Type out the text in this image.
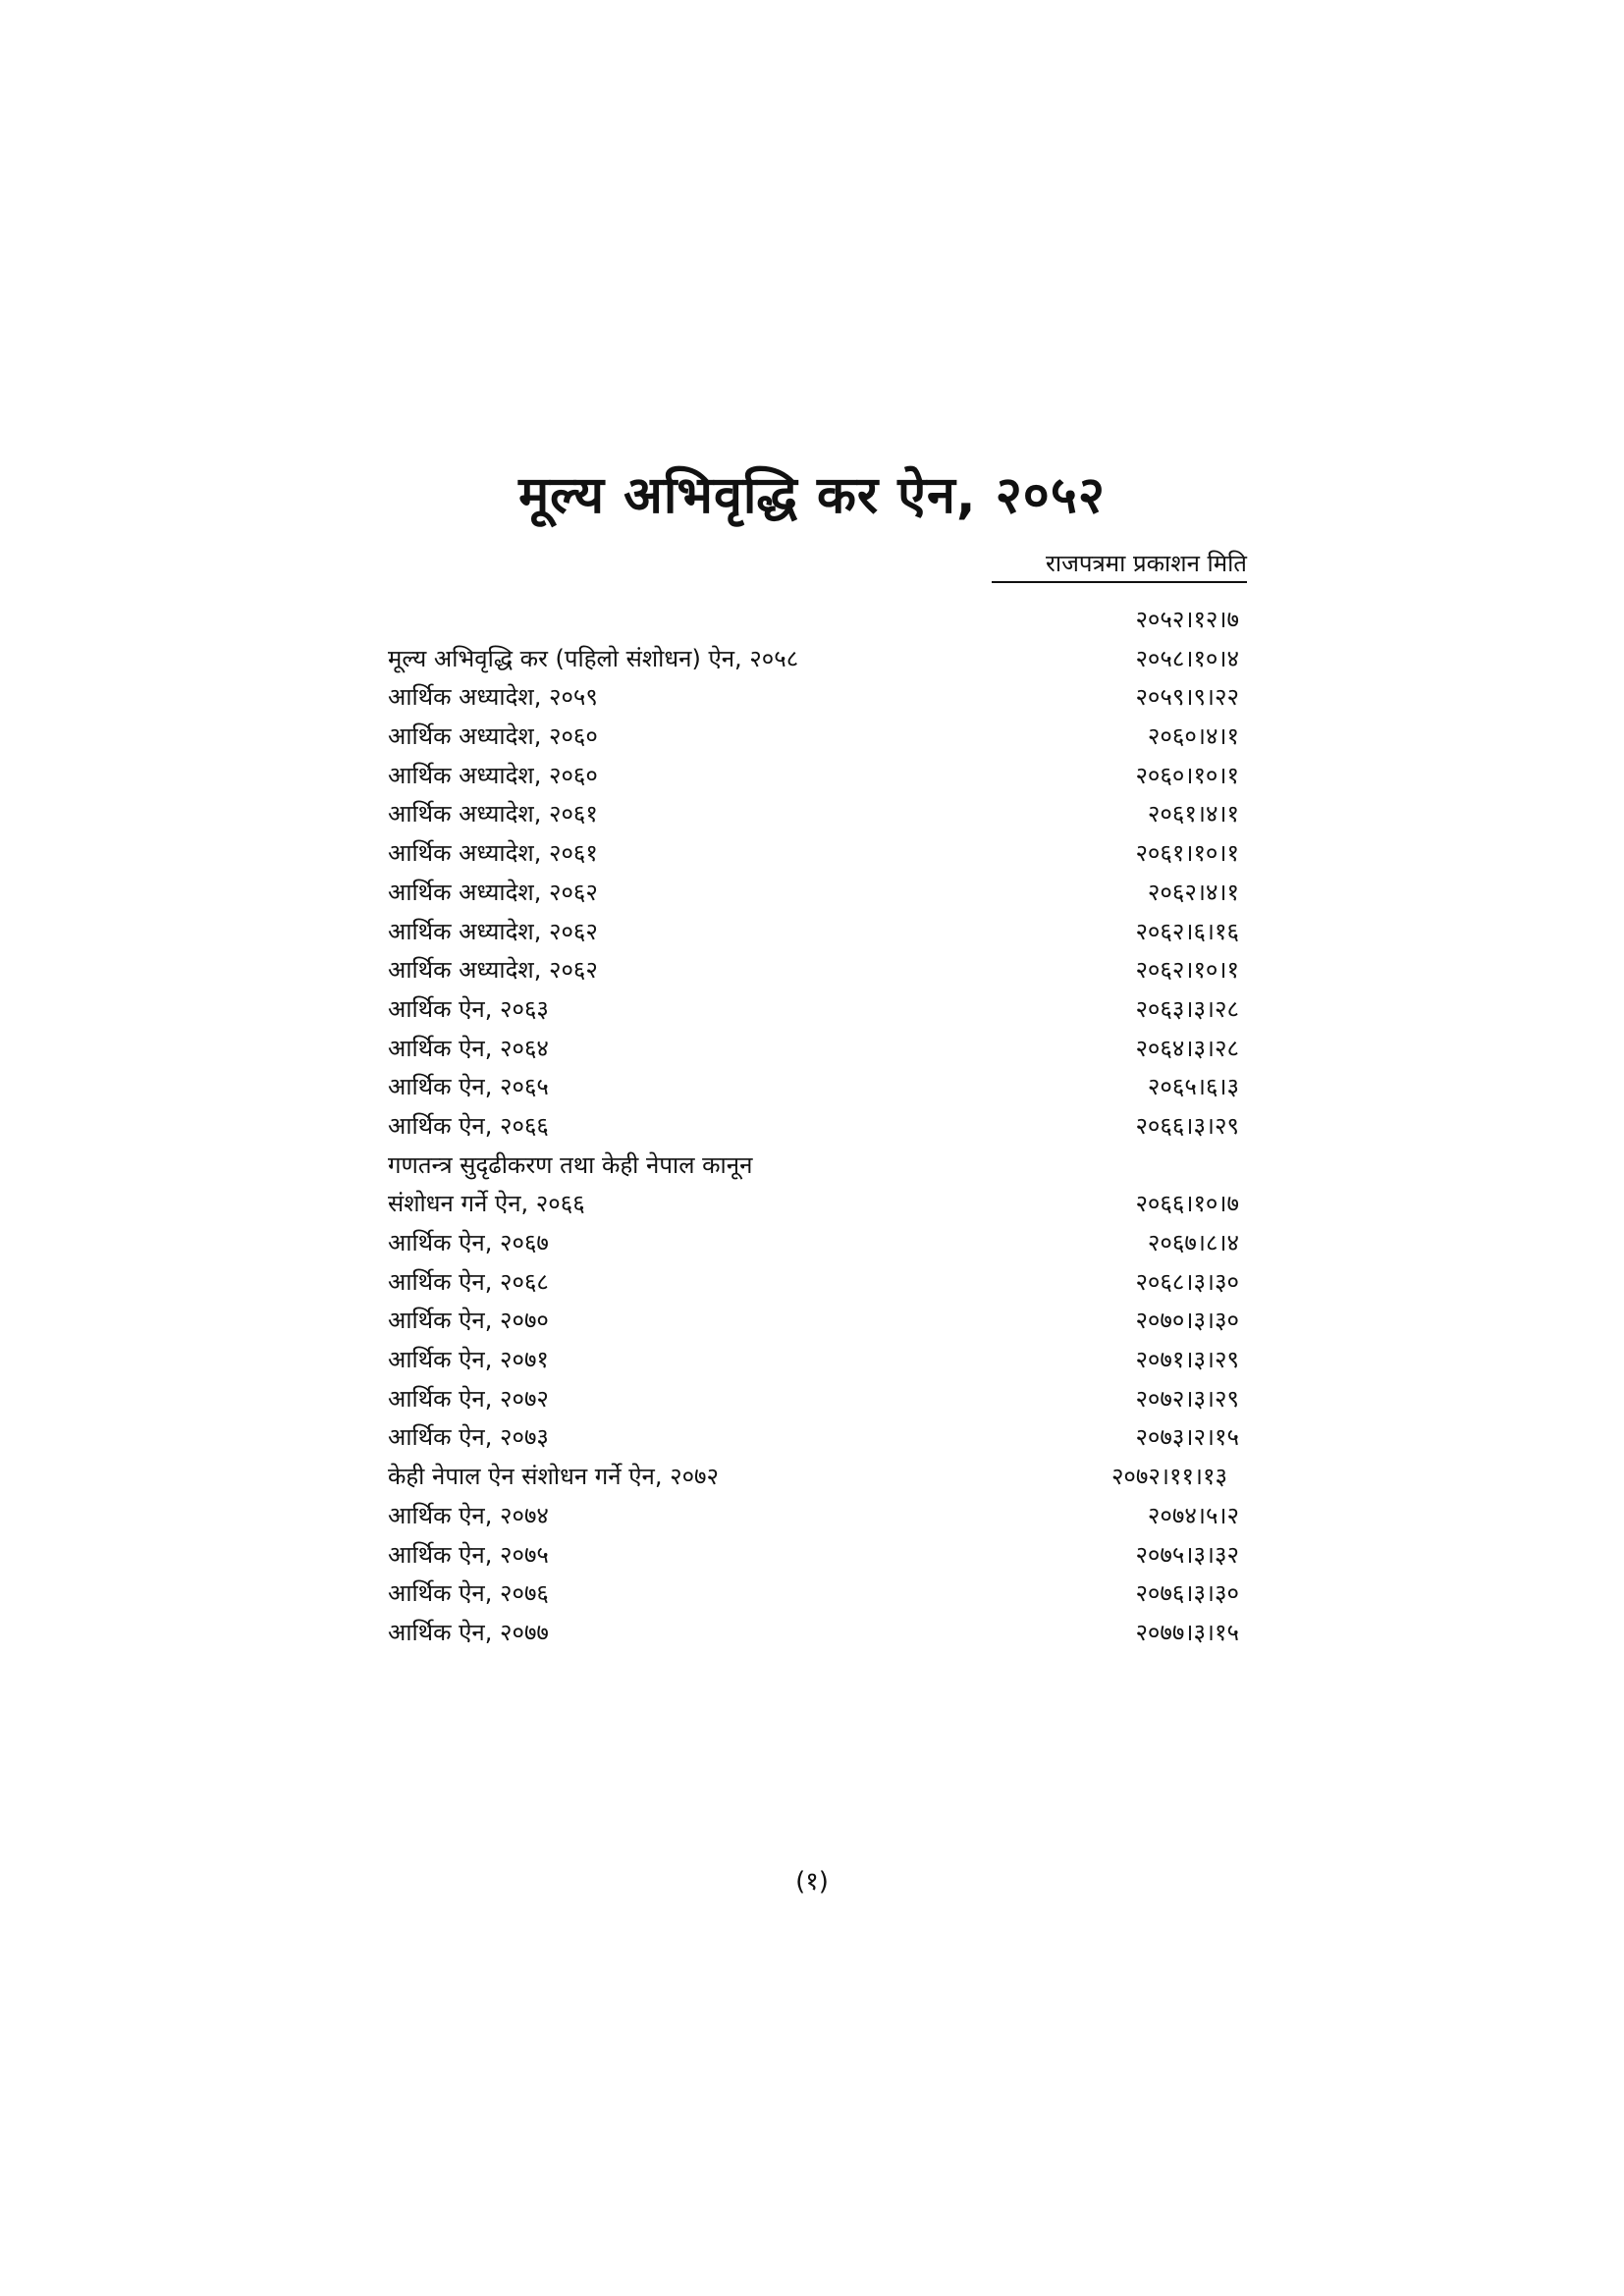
मूल्य अभिवृद्धि कर ऐन, २०५२
राजपत्रमा प्रकाशन मिति
२०५२।१२।७
मूल्य अभिवृद्धि कर (पहिलो संशोधन) ऐन, २०५८	२०५८।१०।४
आर्थिक अध्यादेश, २०५९	२०५९।९।२२
आर्थिक अध्यादेश, २०६०	२०६०।४।१
आर्थिक अध्यादेश, २०६०	२०६०।१०।१
आर्थिक अध्यादेश, २०६१	२०६१।४।१
आर्थिक अध्यादेश, २०६१	२०६१।१०।१
आर्थिक अध्यादेश, २०६२	२०६२।४।१
आर्थिक अध्यादेश, २०६२	२०६२।६।१६
आर्थिक अध्यादेश, २०६२	२०६२।१०।१
आर्थिक ऐन, २०६३	२०६३।३।२८
आर्थिक ऐन, २०६४	२०६४।३।२८
आर्थिक ऐन, २०६५	२०६५।६।३
आर्थिक ऐन, २०६६	२०६६।३।२९
गणतन्त्र सुदृढीकरण तथा केही नेपाल कानून
संशोधन गर्ने ऐन, २०६६	२०६६।१०।७
आर्थिक ऐन, २०६७	२०६७।८।४
आर्थिक ऐन, २०६८	२०६८।३।३०
आर्थिक ऐन, २०७०	२०७०।३।३०
आर्थिक ऐन, २०७१	२०७१।३।२९
आर्थिक ऐन, २०७२	२०७२।३।२९
आर्थिक ऐन, २०७३	२०७३।२।१५
केही नेपाल ऐन संशोधन गर्ने ऐन, २०७२	२०७२।११।१३
आर्थिक ऐन, २०७४	२०७४।५।२
आर्थिक ऐन, २०७५	२०७५।३।३२
आर्थिक ऐन, २०७६	२०७६।३।३०
आर्थिक ऐन, २०७७	२०७७।३।१५
(१)
